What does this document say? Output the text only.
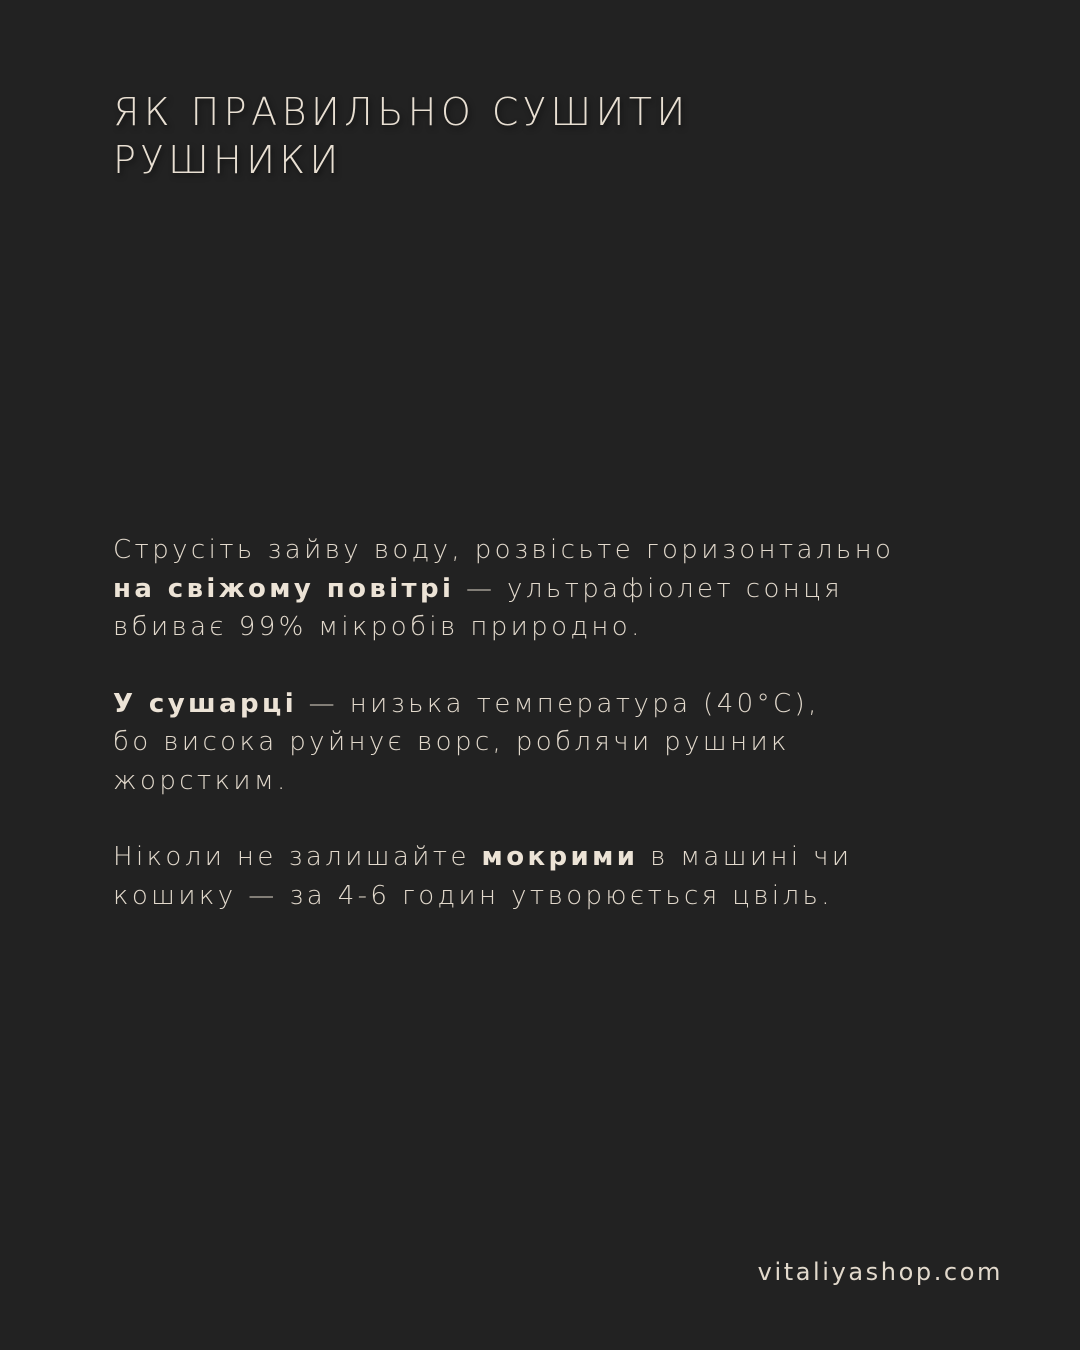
ЯК ПРАВИЛЬНО СУШИТИ
РУШНИКИ

Струсіть зайву воду, розвісьте горизонтально
на свіжому повітрі — ультрафіолет сонця
вбиває 99% мікробів природно.

У сушарці — низька температура (40°C),
бо висока руйнує ворс, роблячи рушник
жорстким.

Ніколи не залишайте мокрими в машині чи
кошику — за 4-6 годин утворюється цвіль.

vitaliyashop.com
